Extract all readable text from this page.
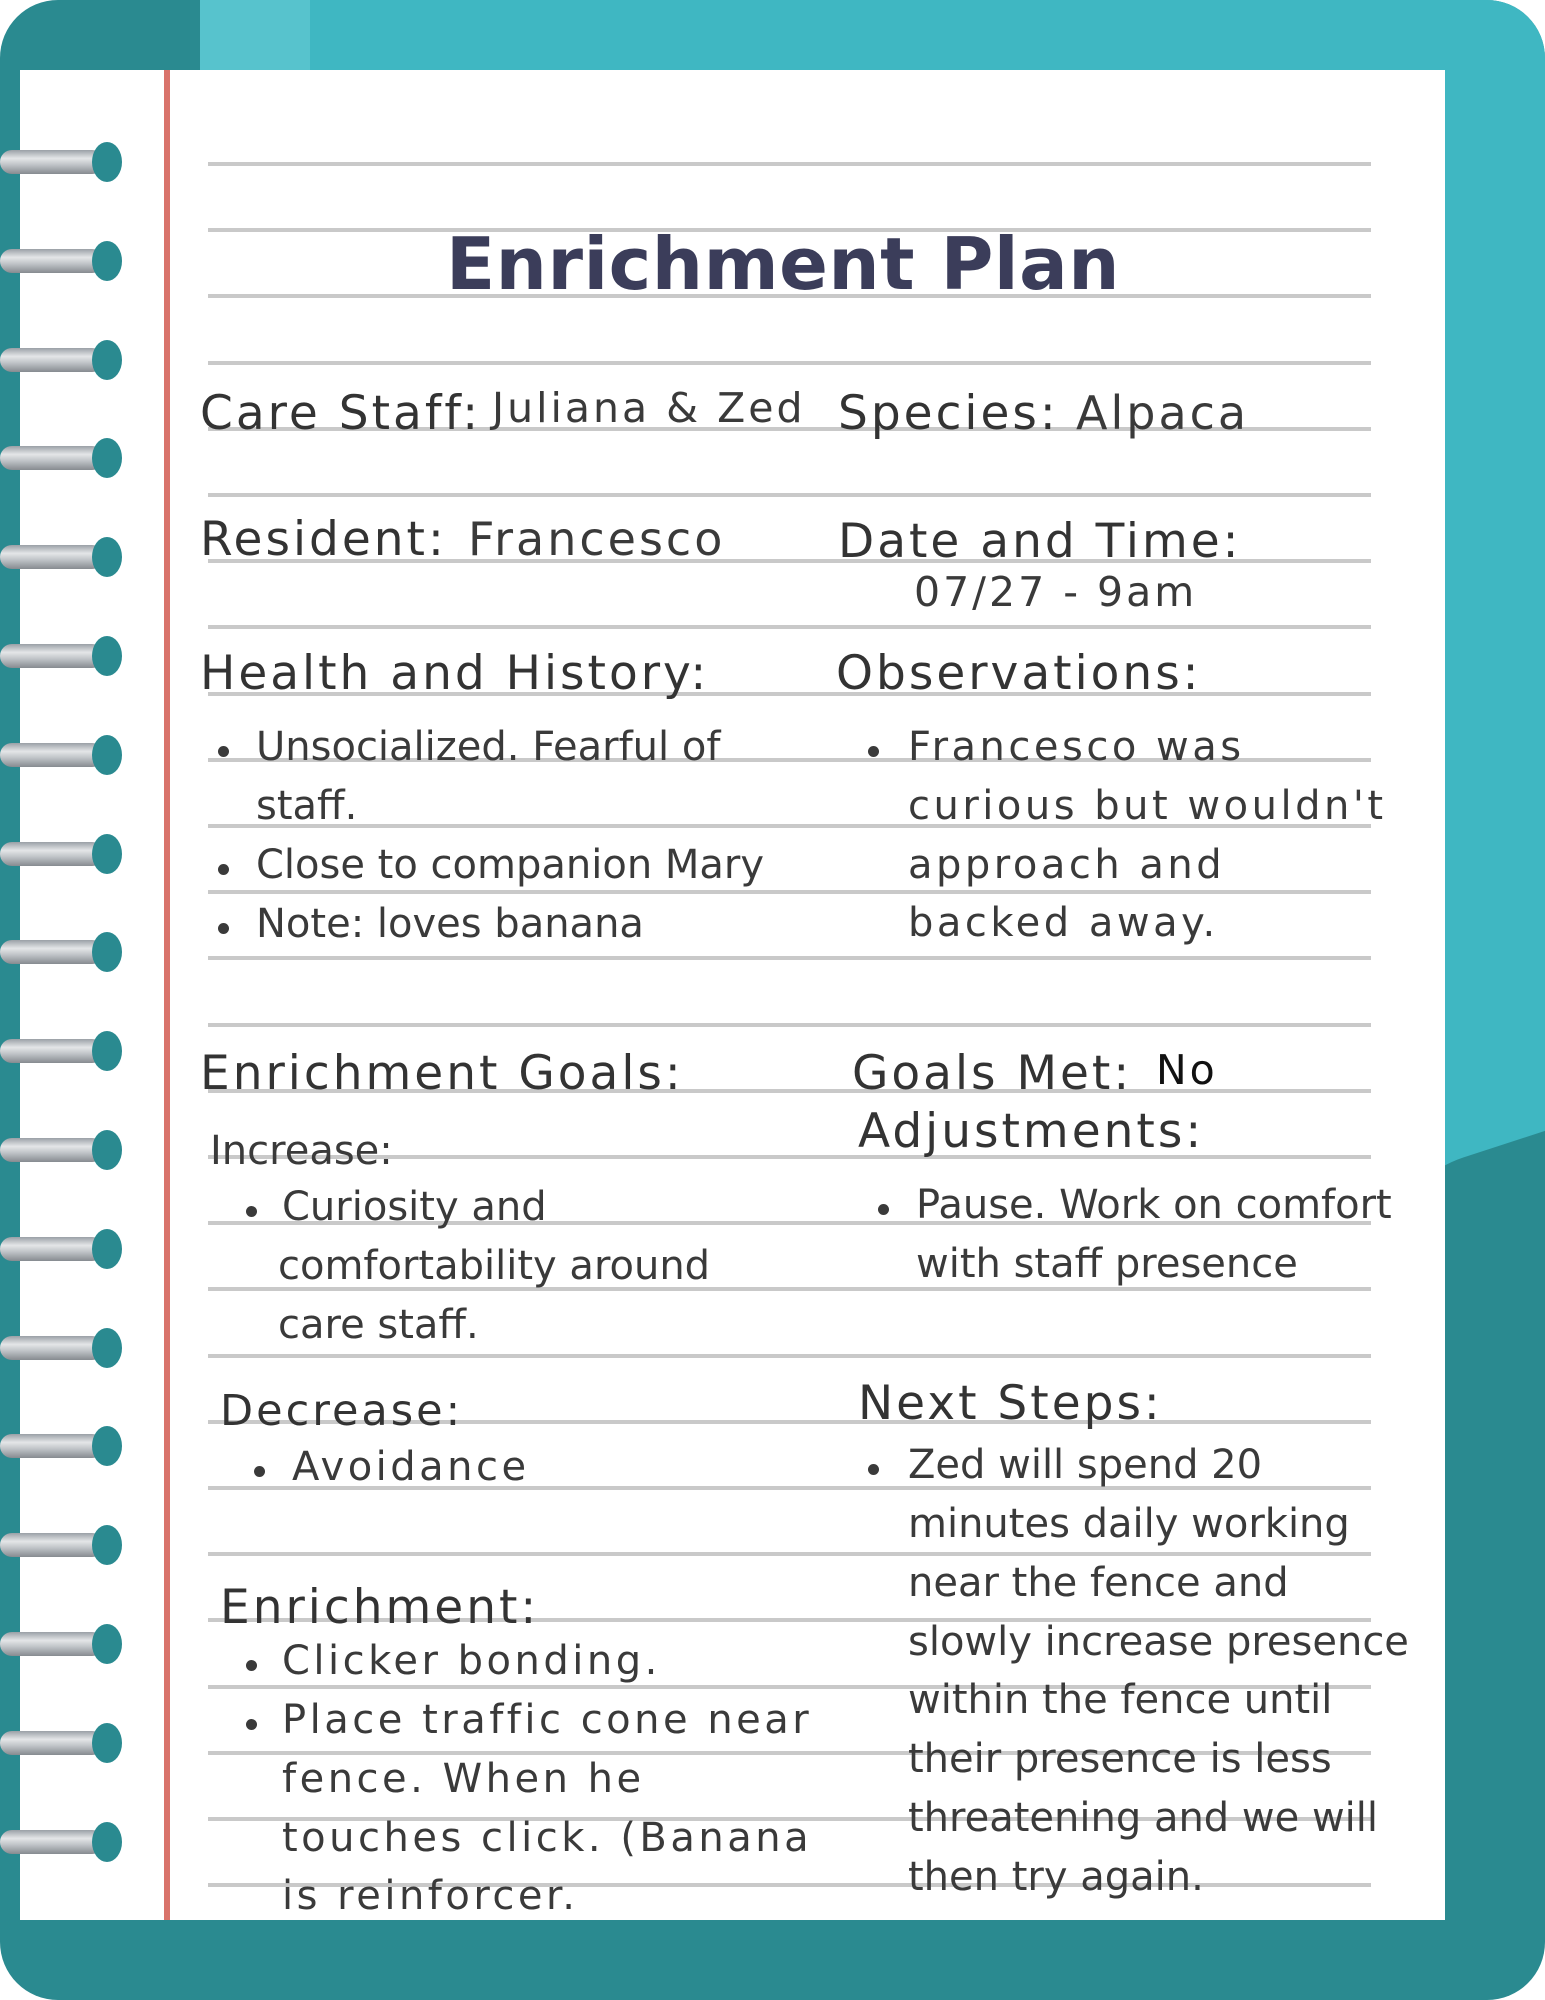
Enrichment Plan
Care Staff: Juliana & Zed Species: Alpaca
Resident: Francesco Date and Time:
07/27 - 9am
Health and History:
Unsocialized. Fearful of
staff.
Close to companion Mary
Note: loves banana
Observations:
Francesco was
curious but wouldn't
approach and
backed away.
Enrichment Goals:
Increase:
Curiosity and
comfortability around
care staff.
Decrease:
Avoidance
Goals Met: No
Adjustments:
Pause. Work on comfort
with staff presence
Enrichment:
Clicker bonding.
Place traffic cone near
fence. When he
touches click. (Banana
is reinforcer.
Next Steps:
Zed will spend 20
minutes daily working
near the fence and
slowly increase presence
within the fence until
their presence is less
threatening and we will
then try again.
